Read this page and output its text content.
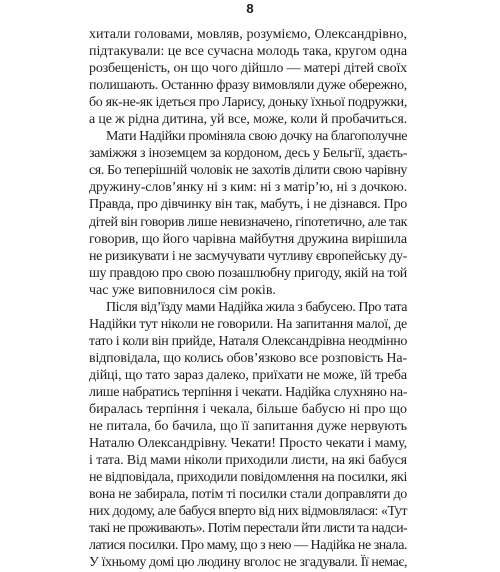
8

хитали головами, мовляв, розуміємо, Олександрівно,
підтакували: це все сучасна молодь така, кругом одна
розбещеність, он що чого дійшло — матері дітей своїх
полишають. Останню фразу вимовляли дуже обережно,
бо як-не-як ідеться про Ларису, доньку їхньої подружки,
а це ж рідна дитина, уй все, може, коли й пробачиться.

Мати Надійки проміняла свою дочку на благополучне
заміжжя з іноземцем за кордоном, десь у Бельгії, здаєть-
ся. Бо теперішній чоловік не захотів ділити свою чарівну
дружину-слов’янку ні з ким: ні з матір’ю, ні з дочкою.
Правда, про дівчинку він так, мабуть, і не дізнався. Про
дітей він говорив лише невизначено, гіпотетично, але так
говорив, що його чарівна майбутня дружина вирішила
не ризикувати і не засмучувати чутливу європейську ду-
шу правдою про свою позашлюбну пригоду, якій на той
час уже виповнилося сім років.

Після від’їзду мами Надійка жила з бабусею. Про тата
Надійки тут ніколи не говорили. На запитання малої, де
тато і коли він прийде, Наталя Олександрівна неодмінно
відповідала, що колись обов’язково все розповість На-
дійці, що тато зараз далеко, приїхати не може, їй треба
лише набратись терпіння і чекати. Надійка слухняно на-
биралась терпіння і чекала, більше бабусю ні про що
не питала, бо бачила, що її запитання дуже нервують
Наталю Олександрівну. Чекати! Просто чекати і маму,
і тата. Від мами ніколи приходили листи, на які бабуся
не відповідала, приходили повідомлення на посилки, які
вона не забирала, потім ті посилки стали доправляти до
них додому, але бабуся вперто від них відмовлялася: «Тут
такі не проживають». Потім перестали йти листи та надси-
латися посилки. Про маму, що з нею — Надійка не знала.
У їхньому домі цю людину вголос не згадували. Її немає,
